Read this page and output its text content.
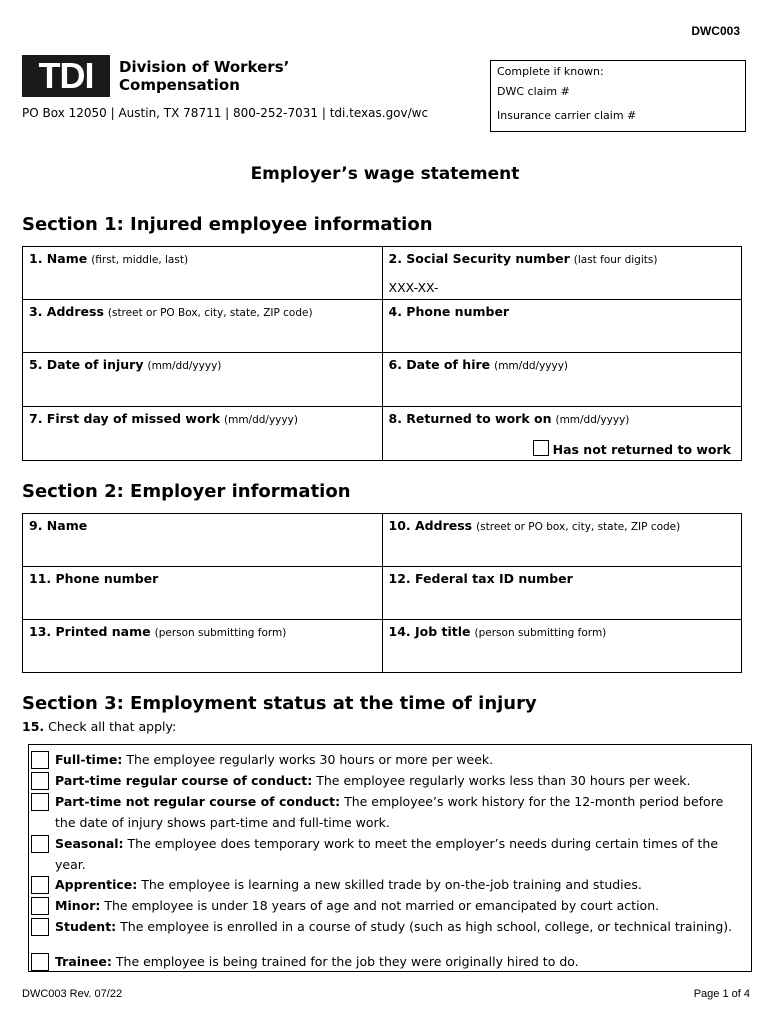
DWC003
TDI	Division of Workers’
Compensation
PO Box 12050 | Austin, TX 78711 | 800-252-7031 | tdi.texas.gov/wc
Complete if known:
DWC claim #
Insurance carrier claim #
Employer’s wage statement
Section 1: Injured employee information
1. Name (first, middle, last)	2. Social Security number (last four digits)
XXX-XX-

3. Address (street or PO Box, city, state, ZIP code)	4. Phone number
5. Date of injury (mm/dd/yyyy)	6. Date of hire (mm/dd/yyyy)
7. First day of missed work (mm/dd/yyyy)	8. Returned to work on (mm/dd/yyyy)
Has not returned to work
Section 2: Employer information
9. Name	10. Address (street or PO box, city, state, ZIP code)
11. Phone number	12. Federal tax ID number
13. Printed name (person submitting form)	14. Job title (person submitting form)
Section 3: Employment status at the time of injury
15. Check all that apply:
Full-time: The employee regularly works 30 hours or more per week.
Part-time regular course of conduct: The employee regularly works less than 30 hours per week.
Part-time not regular course of conduct: The employee’s work history for the 12-month period before the date of injury shows part-time and full-time work.
Seasonal: The employee does temporary work to meet the employer’s needs during certain times of the year.
Apprentice: The employee is learning a new skilled trade by on-the-job training and studies.
Minor: The employee is under 18 years of age and not married or emancipated by court action.
Student: The employee is enrolled in a course of study (such as high school, college, or technical training).
Trainee: The employee is being trained for the job they were originally hired to do.
DWC003 Rev. 07/22	Page 1 of 4
